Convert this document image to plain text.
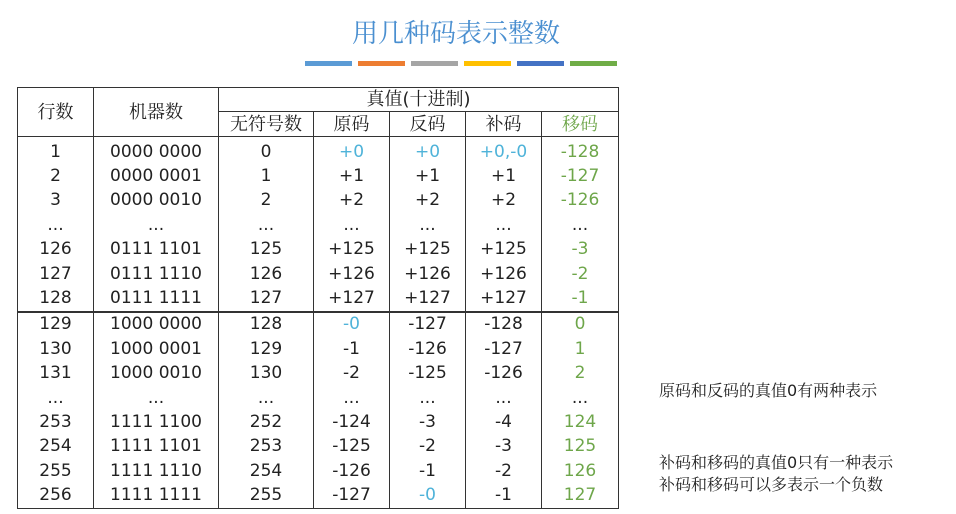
用几种码表示整数
行数	机器数	真值(十进制)				
		无符号数	原码	反码	补码	移码
1	0000 0000	0	+0	+0	+0,-0	-128
2	0000 0001	1	+1	+1	+1	-127
3	0000 0010	2	+2	+2	+2	-126
...	...	...	...	...	...	...
126	0111 1101	125	+125	+125	+125	-3
127	0111 1110	126	+126	+126	+126	-2
128	0111 1111	127	+127	+127	+127	-1
129	1000 0000	128	-0	-127	-128	0
130	1000 0001	129	-1	-126	-127	1
131	1000 0010	130	-2	-125	-126	2
...	...	...	...	...	...	...
253	1111 1100	252	-124	-3	-4	124
254	1111 1101	253	-125	-2	-3	125
255	1111 1110	254	-126	-1	-2	126
256	1111 1111	255	-127	-0	-1	127
原码和反码的真值0有两种表示
补码和移码的真值0只有一种表示
补码和移码可以多表示一个负数
